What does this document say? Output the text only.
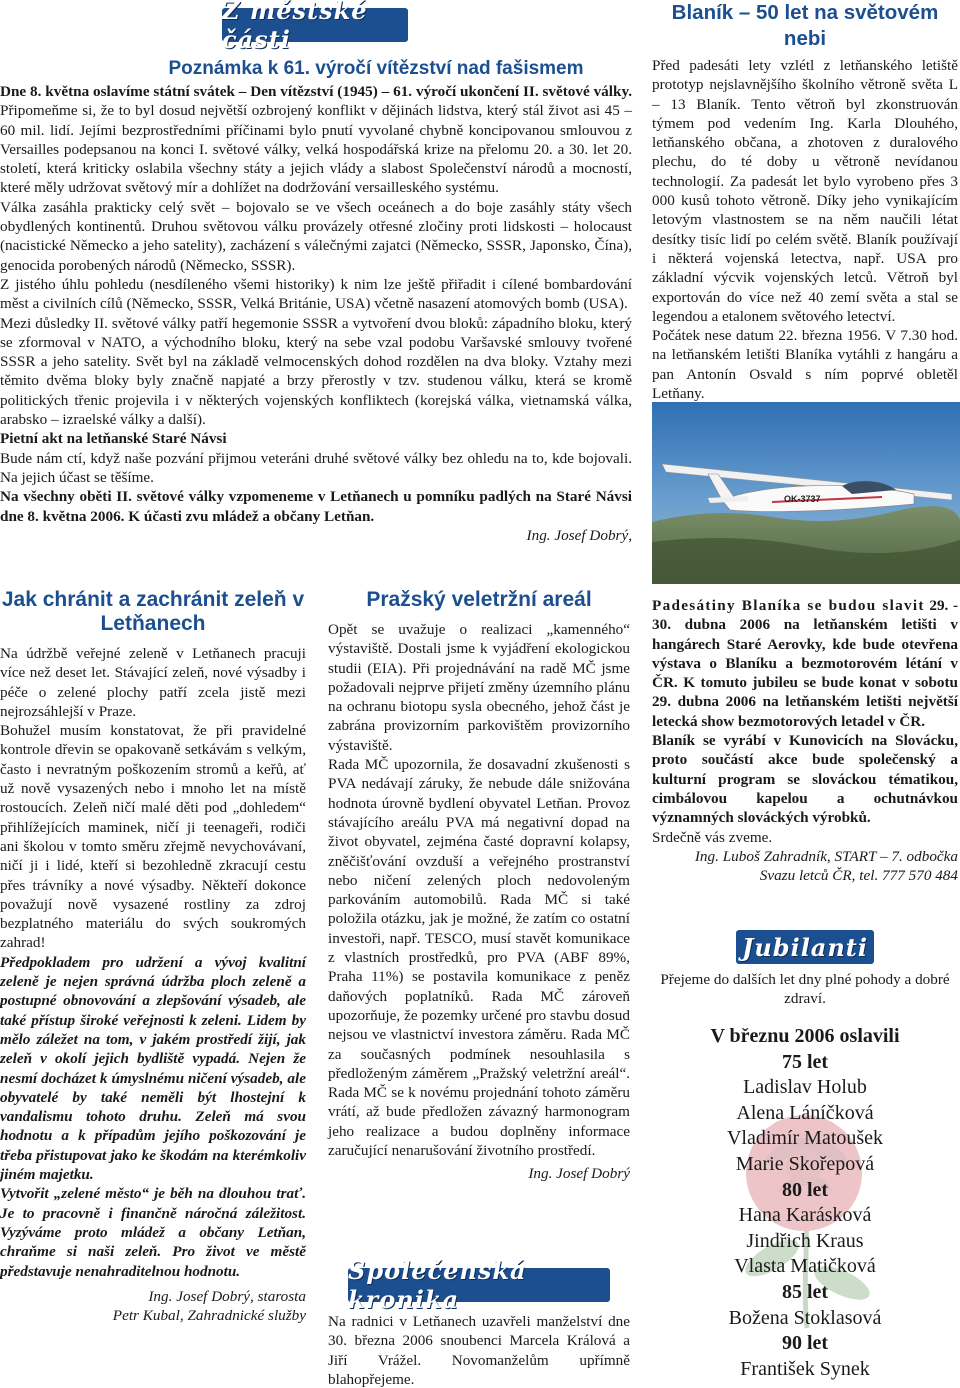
Z městské části
Poznámka k 61. výročí vítězství nad fašismem

Dne 8. května oslavíme státní svátek – Den vítězství (1945) – 61. výročí ukončení II. světové války. Připomeňme si, že to byl dosud největší ozbrojený konflikt v dějinách lidstva, který stál život asi 45 – 60 mil. lidí. Jejími bezprostředními příčinami bylo pnutí vyvolané chybně koncipovanou smlouvou z Versailles podepsanou na konci I. světové války, velká hospodářská krize na přelomu 20. a 30. let 20. století, která kriticky oslabila všechny státy a jejich vlády a slabost Společenství národů a mocností, které měly udržovat světový mír a dohlížet na dodržování versailleského systému.

Válka zasáhla prakticky celý svět – bojovalo se ve všech oceánech a do boje zasáhly státy všech obydlených kontinentů. Druhou světovou válku provázely otřesné zločiny proti lidskosti – holocaust (nacistické Německo a jeho satelity), zacházení s válečnými zajatci (Německo, SSSR, Japonsko, Čína), genocida porobených národů (Německo, SSSR).

Z jistého úhlu pohledu (nesdíleného všemi historiky) k nim lze ještě přiřadit i cílené bombardování měst a civilních cílů (Německo, SSSR, Velká Británie, USA) včetně nasazení atomových bomb (USA).

Mezi důsledky II. světové války patří hegemonie SSSR a vytvoření dvou bloků: západního bloku, který se zformoval v NATO, a východního bloku, který na sebe vzal podobu Varšavské smlouvy tvořené SSSR a jeho satelity. Svět byl na základě velmocenských dohod rozdělen na dva bloky. Vztahy mezi těmito dvěma bloky byly značně napjaté a brzy přerostly v tzv. studenou válku, která se kromě politických třenic projevila i v některých vojenských konfliktech (korejská válka, vietnamská válka, arabsko – izraelské války a další).

Pietní akt na letňanské Staré Návsi

Bude nám ctí, když naše pozvání přijmou veteráni druhé světové války bez ohledu na to, kde bojovali. Na jejich účast se těšíme.

Na všechny oběti II. světové války vzpomeneme v Letňanech u pomníku padlých na Staré Návsi dne 8. května 2006. K účasti zvu mládež a občany Letňan.

Ing. Josef Dobrý,

Jak chránit a zachránit zeleň v Letňanech

Na údržbě veřejné zeleně v Letňanech pracuji více než deset let. Stávající zeleň, nové výsadby i péče o zelené plochy patří zcela jistě mezi nejrozsáhlejší v Praze.

Bohužel musím konstatovat, že při pravidelné kontrole dřevin se opakovaně setkávám s velkým, často i nevratným poškozením stromů a keřů, ať už nově vysazených nebo i mnoho let na místě rostoucích. Zeleň ničí malé děti pod „dohledem“ přihlížejících maminek, ničí ji teenageři, rodiči ani školou v tomto směru zřejmě nevychovávaní, ničí ji i lidé, kteří si bezohledně zkracují cestu přes trávníky a nové výsadby. Někteří dokonce považují nově vysazené rostliny za zdroj bezplatného materiálu do svých soukromých zahrad!

Předpokladem pro udržení a vývoj kvalitní zeleně je nejen správná údržba ploch zeleně a postupné obnovování a zlepšování výsadeb, ale také přístup široké veřejnosti k zeleni. Lidem by mělo záležet na tom, v jakém prostředí žijí, jak zeleň v okolí jejich bydliště vypadá. Nejen že nesmí docházet k úmyslnému ničení výsadeb, ale obyvatelé by také neměli být lhostejní k vandalismu tohoto druhu. Zeleň má svou hodnotu a k případům jejího poškozování je třeba přistupovat jako ke škodám na kterémkoliv jiném majetku.

Vytvořit „zelené město“ je běh na dlouhou trať. Je to pracovně i finančně náročná záležitost. Vyzýváme proto mládež a občany Letňan, chraňme si naši zeleň. Pro život ve městě představuje nenahraditelnou hodnotu.

Ing. Josef Dobrý, starosta

Petr Kubal, Zahradnické služby

Pražský veletržní areál

Opět se uvažuje o realizaci „kamenného“ výstaviště. Dostali jsme k vyjádření ekologickou studii (EIA). Při projednávání na radě MČ jsme požadovali nejprve přijetí změny územního plánu na ochranu biotopu sysla obecného, jehož část je zabrána provizorním parkovištěm provizorního výstaviště.

Rada MČ upozornila, že dosavadní zkušenosti s PVA nedávají záruky, že nebude dále snižována hodnota úrovně bydlení obyvatel Letňan. Provoz stávajícího areálu PVA má negativní dopad na život obyvatel, zejména časté dopravní kolapsy, zněčišťování ovzduší a veřejného prostranství nebo ničení zelených ploch nedovoleným parkováním automobilů. Rada MČ si také položila otázku, jak je možné, že zatím co ostatní investoři, např. TESCO, musí stavět komunikace z vlastních prostředků, pro PVA (ABF 89%, Praha 11%) se postavila komunikace z peněz daňových poplatníků. Rada MČ zároveň upozorňuje, že pozemky určené pro stavbu dosud nejsou ve vlastnictví investora záměru. Rada MČ za současných podmínek nesouhlasila s předloženým záměrem „Pražský veletržní areál“. Rada MČ se k novému projednání tohoto záměru vrátí, až bude předložen závazný harmonogram jeho realizace a budou doplněny informace zaručující nenarušování životního prostředí.

Ing. Josef Dobrý

Společenská kronika
Na radnici v Letňanech uzavřeli manželství dne 30. března 2006 snoubenci Marcela Králová a Jiří Vrážel. Novomanželům upřímně blahopřejeme.
Blaník – 50 let na světovém nebi

Před padesáti lety vzlétl z letňanského letiště prototyp nejslavnějšího školního větroně světa L – 13 Blaník. Tento větroň byl zkonstruován týmem pod vedením Ing. Karla Dlouhého, letňanského občana, a zhotoven z duralového plechu, do té doby u větroně nevídanou technologií. Za padesát let bylo vyrobeno přes 3 000 kusů tohoto větroně. Díky jeho vynikajícím letovým vlastnostem se na něm naučili létat desítky tisíc lidí po celém světě. Blaník používají i některá vojenská letectva, např. USA pro základní výcvik vojenských letců. Větroň byl exportován do více než 40 zemí světa a stal se legendou a etalonem světového letectví.

Počátek nese datum 22. března 1956. V 7.30 hod. na letňanském letišti Blaníka vytáhli z hangáru a pan Antonín Osvald s ním poprvé obletěl Letňany.

OK-3737

Padesátiny Blaníka se budou slavit 29. - 30. dubna 2006 na letňanském letišti v hangárech Staré Aerovky, kde bude otevřena výstava o Blaníku a bezmotorovém létání v ČR. K tomuto jubileu se bude konat v sobotu 29. dubna 2006 na letňanském letišti největší letecká show bezmotorových letadel v ČR.

Blaník se vyrábí v Kunovicích na Slovácku, proto součástí akce bude společenský a kulturní program se slováckou tématikou, cimbálovou kapelou a ochutnávkou významných slováckých výrobků.

Srdečně vás zveme.

Ing. Luboš Zahradník, START – 7. odbočka

Svazu letců ČR, tel. 777 570 484

Jubilanti
Přejeme do dalších let dny plné pohody a dobré zdraví.
V březnu 2006 oslavili
75 let
Ladislav Holub
Alena Láníčková
Vladimír Matoušek
Marie Skořepová
80 let
Hana Karásková
Jindřich Kraus
Vlasta Matičková
85 let
Božena Stoklasová
90 let
František Synek
